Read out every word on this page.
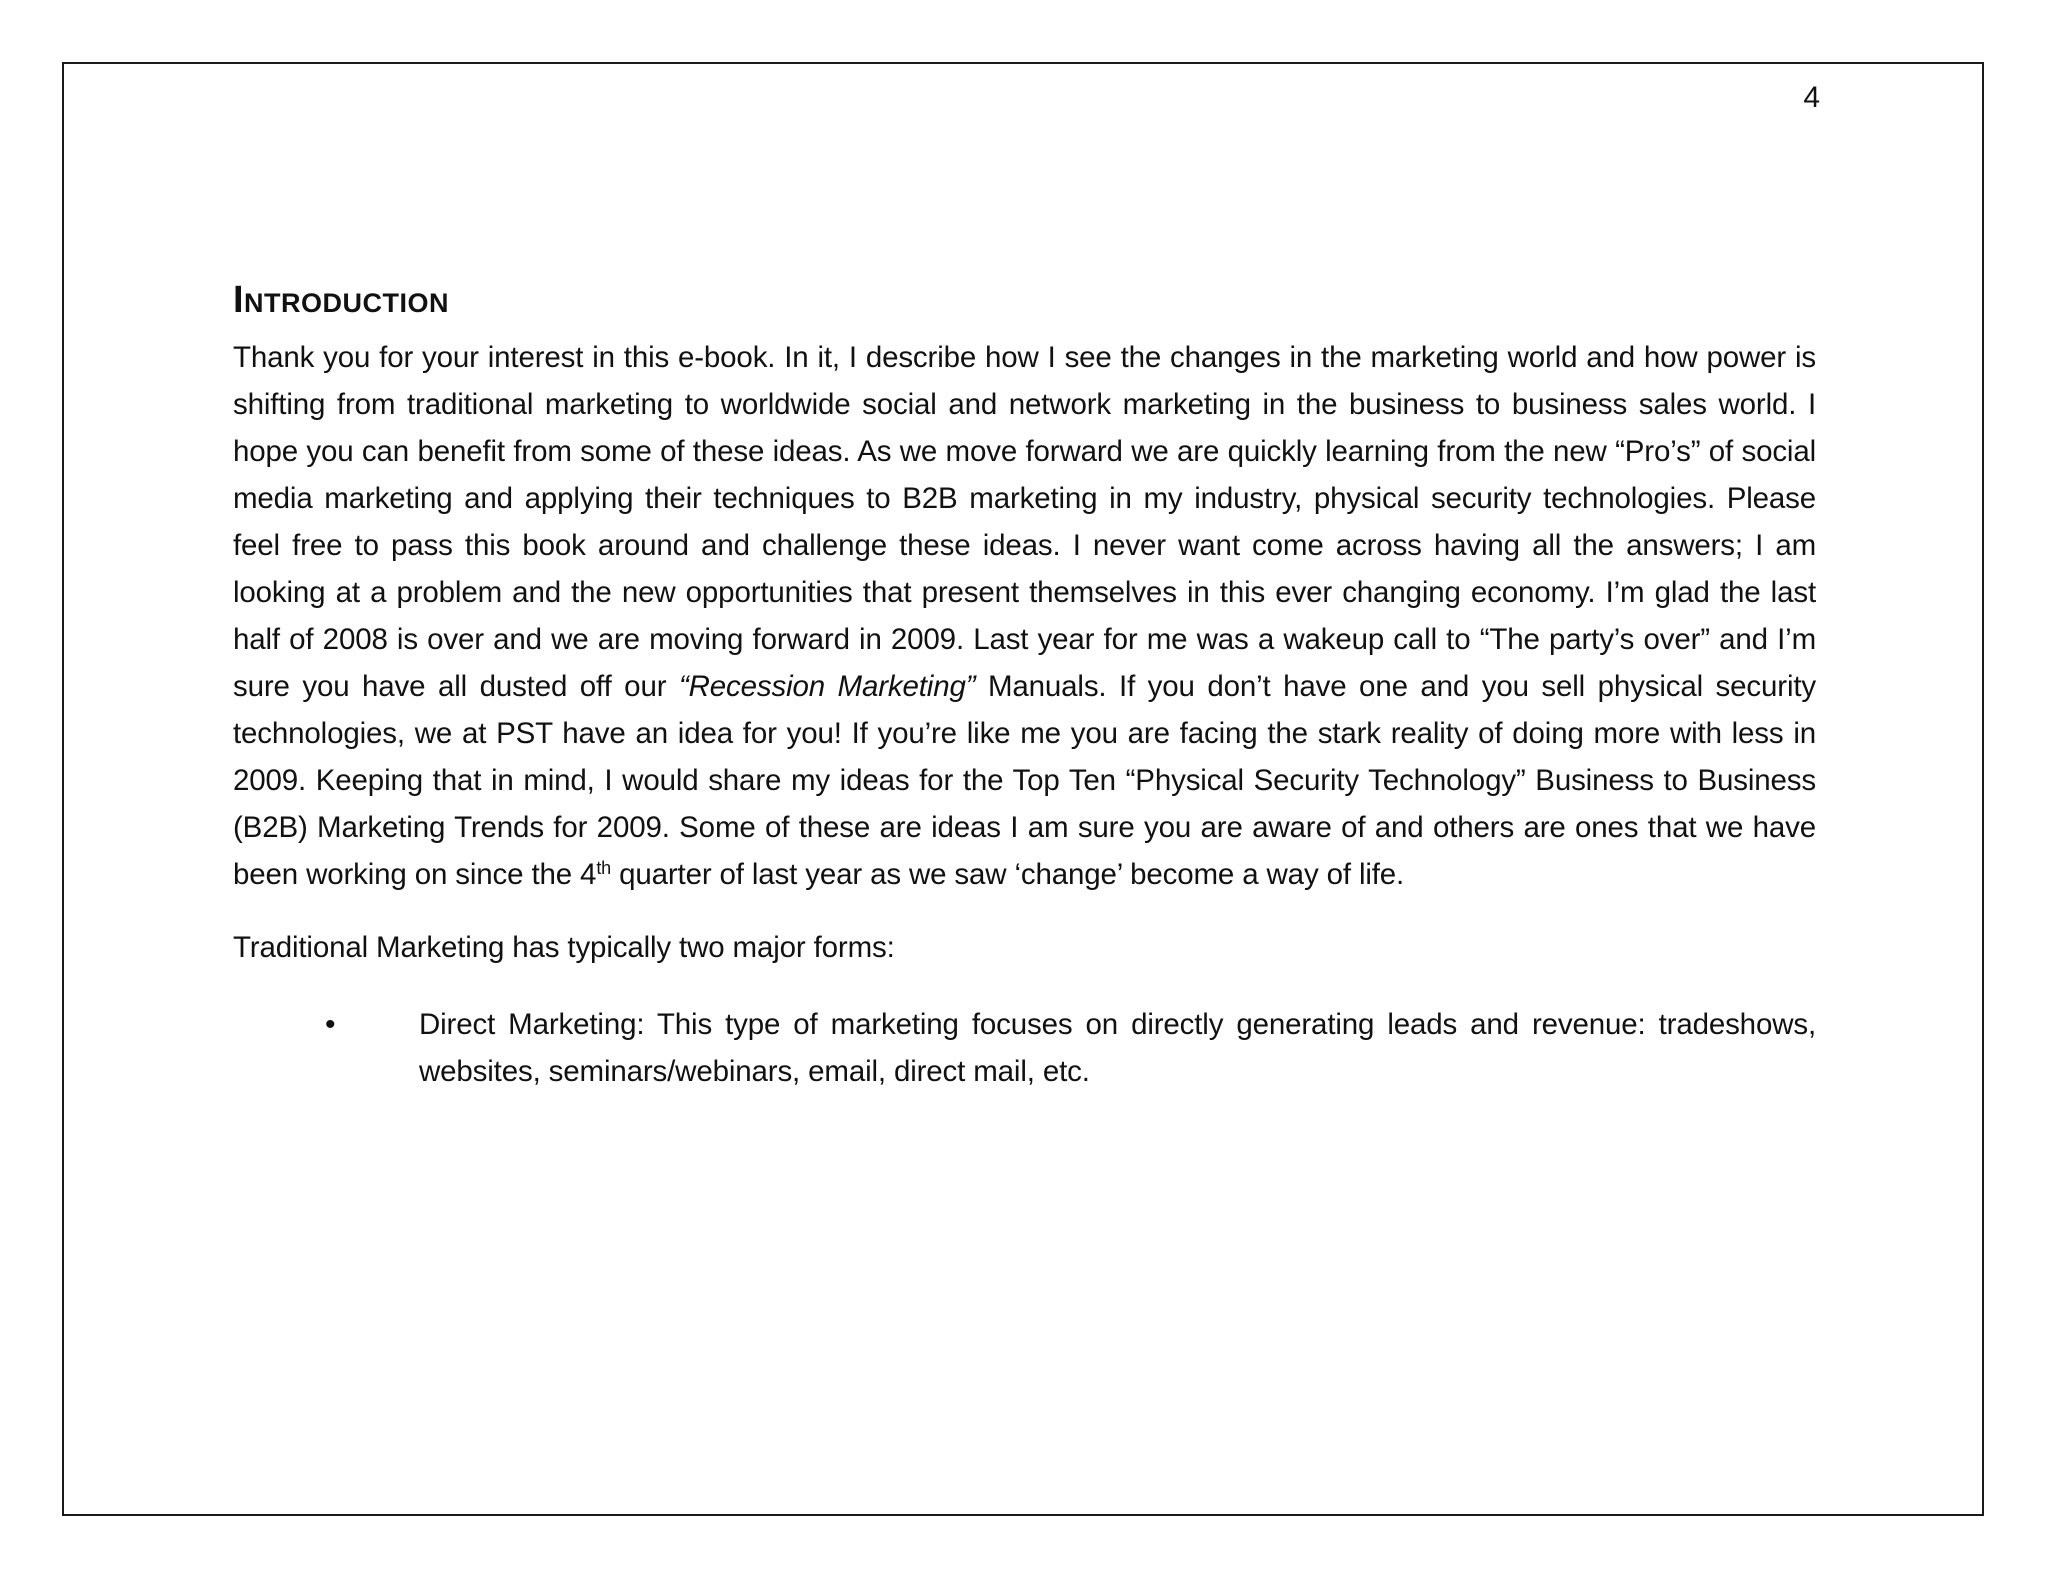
4
Introduction

Thank you for your interest in this e-book. In it, I describe how I see the changes in the marketing world and how power is shifting from traditional marketing to worldwide social and network marketing in the business to business sales world. I hope you can benefit from some of these ideas. As we move forward we are quickly learning from the new “Pro’s” of social media marketing and applying their techniques to B2B marketing in my industry, physical security technologies. Please feel free to pass this book around and challenge these ideas. I never want come across having all the answers; I am looking at a problem and the new opportunities that present themselves in this ever changing economy. I’m glad the last half of 2008 is over and we are moving forward in 2009. Last year for me was a wakeup call to “The party’s over” and I’m sure you have all dusted off our “Recession Marketing” Manuals. If you don’t have one and you sell physical security technologies, we at PST have an idea for you! If you’re like me you are facing the stark reality of doing more with less in 2009. Keeping that in mind, I would share my ideas for the Top Ten “Physical Security Technology” Business to Business (B2B) Marketing Trends for 2009. Some of these are ideas I am sure you are aware of and others are ones that we have been working on since the 4th quarter of last year as we saw ‘change’ become a way of life.

Traditional Marketing has typically two major forms:

•	Direct Marketing: This type of marketing focuses on directly generating leads and revenue: tradeshows, websites, seminars/webinars, email, direct mail, etc.
